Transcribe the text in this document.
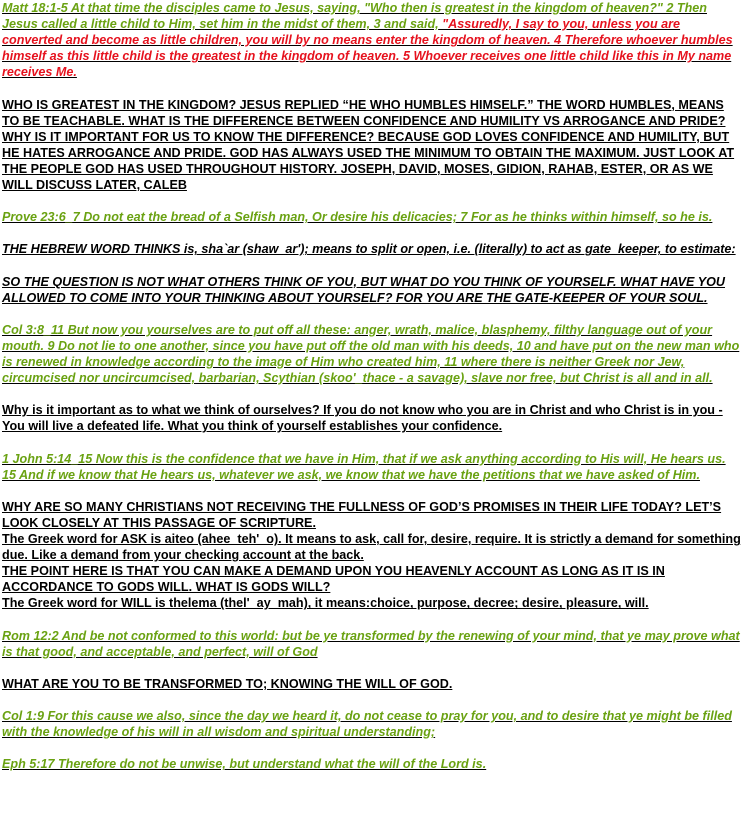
Matt 18:1-5 At that time the disciples came to Jesus, saying, "Who then is greatest in the kingdom of heaven?" 2 Then Jesus called a little child to Him, set him in the midst of them, 3 and said, "Assuredly, I say to you, unless you are converted and become as little children, you will by no means enter the kingdom of heaven. 4 Therefore whoever humbles himself as this little child is the greatest in the kingdom of heaven. 5 Whoever receives one little child like this in My name receives Me.

WHO IS GREATEST IN THE KINGDOM? JESUS REPLIED “HE WHO HUMBLES HIMSELF.” THE WORD HUMBLES, MEANS TO BE TEACHABLE. WHAT IS THE DIFFERENCE BETWEEN CONFIDENCE AND HUMILITY VS ARROGANCE AND PRIDE? WHY IS IT IMPORTANT FOR US TO KNOW THE DIFFERENCE? BECAUSE GOD LOVES CONFIDENCE AND HUMILITY, BUT HE HATES ARROGANCE AND PRIDE. GOD HAS ALWAYS USED THE MINIMUM TO OBTAIN THE MAXIMUM. JUST LOOK AT THE PEOPLE GOD HAS USED THROUGHOUT HISTORY. JOSEPH, DAVID, MOSES, GIDION, RAHAB, ESTER, OR AS WE WILL DISCUSS LATER, CALEB

Prove 23:6_7 Do not eat the bread of a Selfish man, Or desire his delicacies; 7 For as he thinks within himself, so he is.

THE HEBREW WORD THINKS is, sha`ar (shaw_ar'); means to split or open, i.e. (literally) to act as gate_keeper, to estimate:

SO THE QUESTION IS NOT WHAT OTHERS THINK OF YOU, BUT WHAT DO YOU THINK OF YOURSELF. WHAT HAVE YOU ALLOWED TO COME INTO YOUR THINKING ABOUT YOURSELF? FOR YOU ARE THE GATE-KEEPER OF YOUR SOUL.

Col 3:8_11 But now you yourselves are to put off all these: anger, wrath, malice, blasphemy, filthy language out of your mouth. 9 Do not lie to one another, since you have put off the old man with his deeds, 10 and have put on the new man who is renewed in knowledge according to the image of Him who created him, 11 where there is neither Greek nor Jew, circumcised nor uncircumcised, barbarian, Scythian (skoo'_thace - a savage), slave nor free, but Christ is all and in all.

Why is it important as to what we think of ourselves? If you do not know who you are in Christ and who Christ is in you - You will live a defeated life. What you think of yourself establishes your confidence.

1 John 5:14_15 Now this is the confidence that we have in Him, that if we ask anything according to His will, He hears us. 15 And if we know that He hears us, whatever we ask, we know that we have the petitions that we have asked of Him.

WHY ARE SO MANY CHRISTIANS NOT RECEIVING THE FULLNESS OF GOD’S PROMISES IN THEIR LIFE TODAY? LET’S LOOK CLOSELY AT THIS PASSAGE OF SCRIPTURE.
The Greek word for ASK is aiteo (ahee_teh'_o). It means to ask, call for, desire, require. It is strictly a demand for something due. Like a demand from your checking account at the back.
THE POINT HERE IS THAT YOU CAN MAKE A DEMAND UPON YOU HEAVENLY ACCOUNT AS LONG AS IT IS IN ACCORDANCE TO GODS WILL. WHAT IS GODS WILL?
The Greek word for WILL is thelema (thel'_ay_mah), it means:choice, purpose, decree; desire, pleasure, will.

Rom 12:2 And be not conformed to this world: but be ye transformed by the renewing of your mind, that ye may prove what is that good, and acceptable, and perfect, will of God

WHAT ARE YOU TO BE TRANSFORMED TO; KNOWING THE WILL OF GOD.

Col 1:9 For this cause we also, since the day we heard it, do not cease to pray for you, and to desire that ye might be filled with the knowledge of his will in all wisdom and spiritual understanding;

Eph 5:17 Therefore do not be unwise, but understand what the will of the Lord is.
